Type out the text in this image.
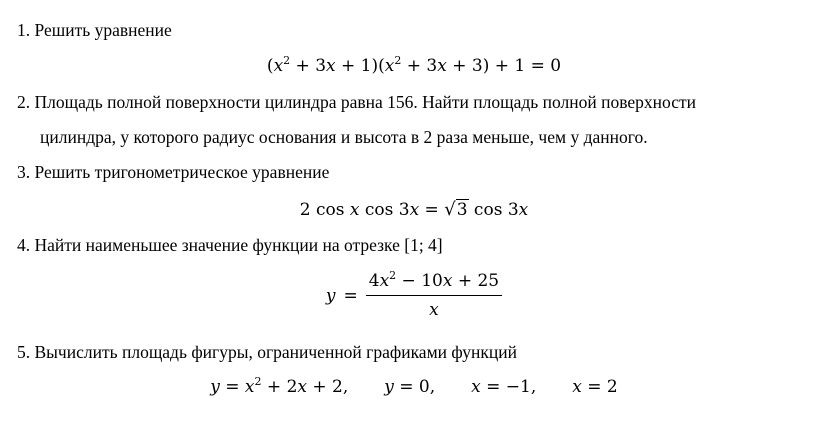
1. Решить уравнение
$(x^2 + 3x + 1)(x^2 + 3x + 3) + 1 = 0$
2. Площадь полной поверхности цилиндра равна 156. Найти площадь полной поверхности
цилиндра, у которого радиус основания и высота в 2 раза меньше, чем у данного.
3. Решить тригонометрическое уравнение
2 cos x cos 3x = √3 cos 3x
4. Найти наименьшее значение функции на отрезке [1; 4]
$y = \frac{4x^2 - 10x + 25}{x}$
5. Вычислить площадь фигуры, ограниченной графиками функций
$y = x^2 + 2x + 2$, y = 0, x = −1, x = 2
